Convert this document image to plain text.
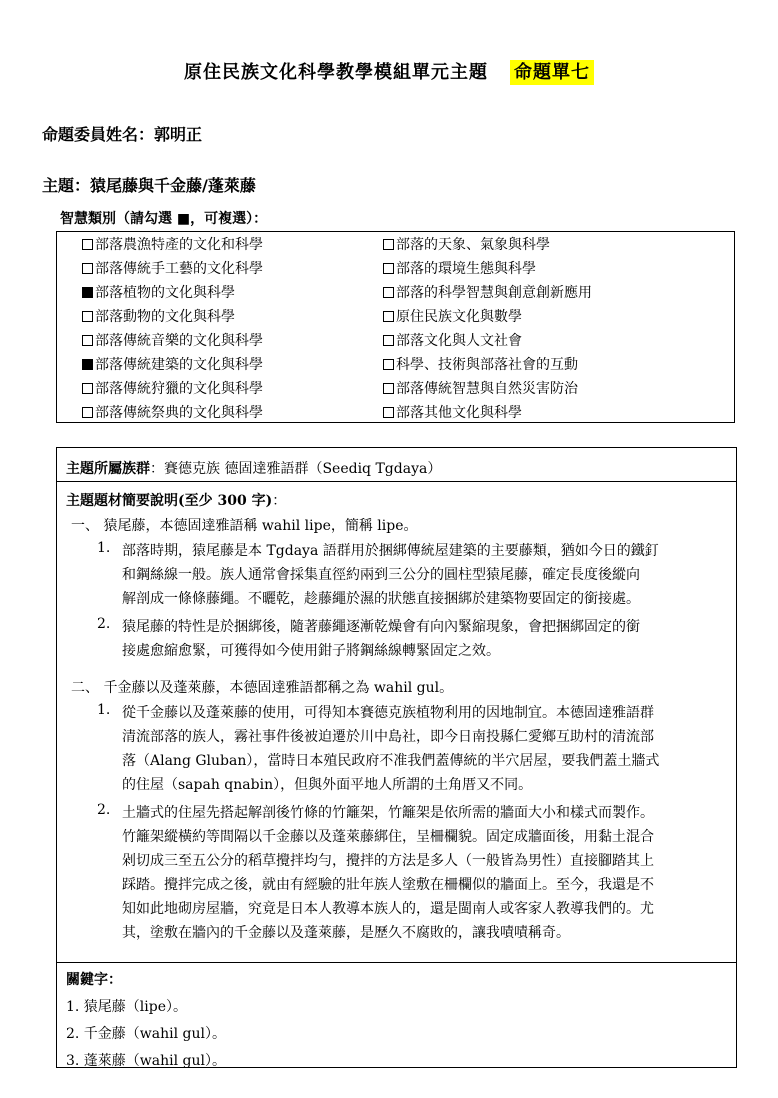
原住民族文化科學教學模組單元主題 命題單七
命題委員姓名：郭明正
主題：猿尾藤與千金藤/蓬萊藤
智慧類別（請勾選 ■，可複選）：
部落農漁特產的文化和科學
部落傳統手工藝的文化科學
部落植物的文化與科學
部落動物的文化與科學
部落傳統音樂的文化與科學
部落傳統建築的文化與科學
部落傳統狩獵的文化與科學
部落傳統祭典的文化與科學
部落的天象、氣象與科學
部落的環境生態與科學
部落的科學智慧與創意創新應用
原住民族文化與數學
部落文化與人文社會
科學、技術與部落社會的互動
部落傳統智慧與自然災害防治
部落其他文化與科學
主題所屬族群：賽德克族 德固達雅語群（Seediq Tgdaya）
主題題材簡要說明(至少 300 字)：
一、 猿尾藤，本德固達雅語稱 wahil lipe，簡稱 lipe。
1. 部落時期，猿尾藤是本 Tgdaya 語群用於捆綁傳統屋建築的主要藤類，猶如今日的鐵釘
和鋼絲線一般。族人通常會採集直徑約兩到三公分的圓柱型猿尾藤，確定長度後縱向
解剖成一條條藤繩。不曬乾，趁藤繩於濕的狀態直接捆綁於建築物要固定的銜接處。
2. 猿尾藤的特性是於捆綁後，隨著藤繩逐漸乾燥會有向內緊縮現象，會把捆綁固定的銜
接處愈縮愈緊，可獲得如今使用鉗子將鋼絲線轉緊固定之效。
二、 千金藤以及蓬萊藤，本德固達雅語都稱之為 wahil gul。
1. 從千金藤以及蓬萊藤的使用，可得知本賽德克族植物利用的因地制宜。本德固達雅語群
清流部落的族人，霧社事件後被迫遷於川中島社，即今日南投縣仁愛鄉互助村的清流部
落（Alang Gluban），當時日本殖民政府不准我們蓋傳統的半穴居屋，要我們蓋土牆式
的住屋（sapah qnabin），但與外面平地人所謂的土角厝又不同。
2. 土牆式的住屋先搭起解剖後竹條的竹籬架，竹籬架是依所需的牆面大小和樣式而製作。
竹籬架縱橫約等間隔以千金藤以及蓬萊藤綁住，呈柵欄貌。固定成牆面後，用黏土混合
剁切成三至五公分的稻草攪拌均勻，攪拌的方法是多人（一般皆為男性）直接腳踏其上
踩踏。攪拌完成之後，就由有經驗的壯年族人塗敷在柵欄似的牆面上。至今，我還是不
知如此地砌房屋牆，究竟是日本人教導本族人的，還是閩南人或客家人教導我們的。尤
其，塗敷在牆內的千金藤以及蓬萊藤，是歷久不腐敗的，讓我嘖嘖稱奇。
關鍵字：
1. 猿尾藤（lipe）。
2. 千金藤（wahil gul）。
3. 蓬萊藤（wahil gul）。
